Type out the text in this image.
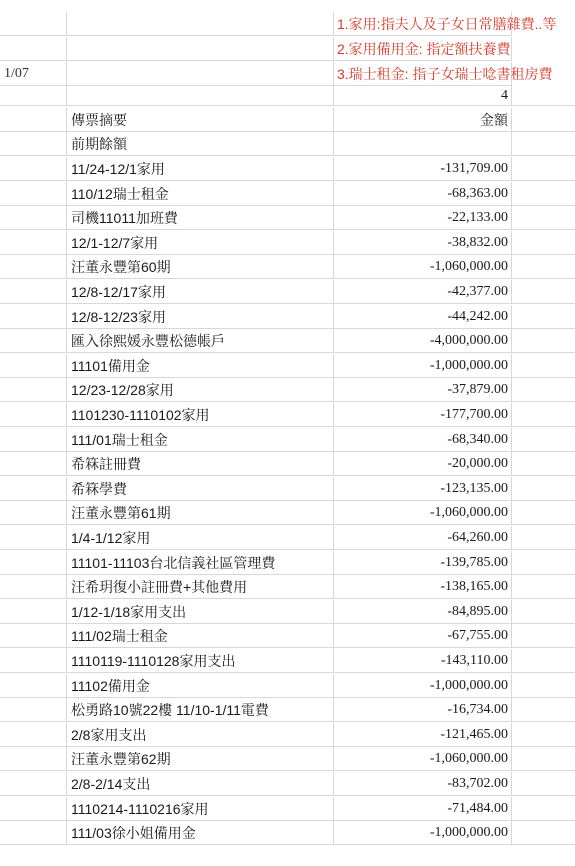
1.家用:指夫人及子女日常膳雜費..等
2.家用備用金: 指定額扶養費
1/07	3.瑞士租金: 指子女瑞士唸書租房費
4
傳票摘要	金額
前期餘額
11/24-12/1家用	-131,709.00
110/12瑞士租金	-68,363.00
司機11011加班費	-22,133.00
12/1-12/7家用	-38,832.00
汪董永豐第60期	-1,060,000.00
12/8-12/17家用	-42,377.00
12/8-12/23家用	-44,242.00
匯入徐熙媛永豐松德帳戶	-4,000,000.00
11101備用金	-1,000,000.00
12/23-12/28家用	-37,879.00
1101230-1110102家用	-177,700.00
111/01瑞士租金	-68,340.00
希箖註冊費	-20,000.00
希箖學費	-123,135.00
汪董永豐第61期	-1,060,000.00
1/4-1/12家用	-64,260.00
11101-11103台北信義社區管理費	-139,785.00
汪希玥復小註冊費+其他費用	-138,165.00
1/12-1/18家用支出	-84,895.00
111/02瑞士租金	-67,755.00
1110119-1110128家用支出	-143,110.00
11102備用金	-1,000,000.00
松勇路10號22樓 11/10-1/11電費	-16,734.00
2/8家用支出	-121,465.00
汪董永豐第62期	-1,060,000.00
2/8-2/14支出	-83,702.00
1110214-1110216家用	-71,484.00
111/03徐小姐備用金	-1,000,000.00
